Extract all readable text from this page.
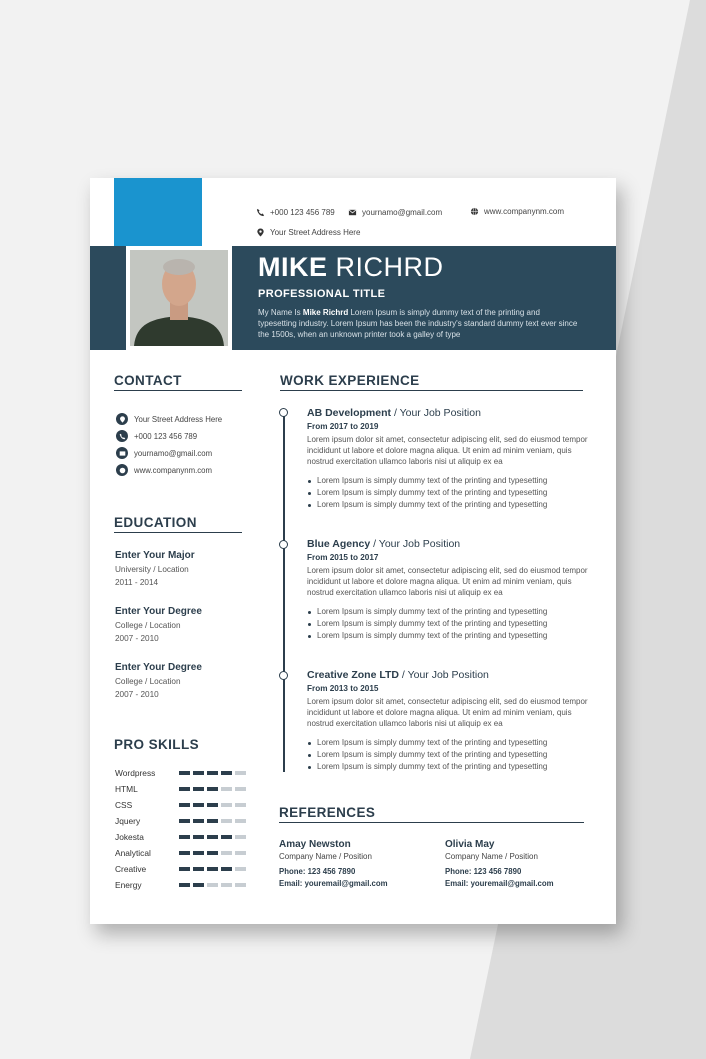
+000 123 456 789	yournamo@gmail.com	www.companynm.com
Your Street Address Here
MIKE RICHRD
PROFESSIONAL TITLE
My Name Is Mike Richrd Lorem Ipsum is simply dummy text of the printing and typesetting industry. Lorem Ipsum has been the industry's standard dummy text ever since the 1500s, when an unknown printer took a galley of type
CONTACT
Your Street Address Here
+000 123 456 789
yournamo@gmail.com
www.companynm.com
EDUCATION
Enter Your Major
University / Location
2011 - 2014
Enter Your Degree
College / Location
2007 - 2010
Enter Your Degree
College / Location
2007 - 2010
PRO SKILLS
Wordpress
HTML
CSS
Jquery
Jokesta
Analytical
Creative
Energy
WORK EXPERIENCE
AB Development / Your Job Position
From 2017 to 2019
Lorem ipsum dolor sit amet, consectetur adipiscing elit, sed do eiusmod tempor incididunt ut labore et dolore magna aliqua. Ut enim ad minim veniam, quis nostrud exercitation ullamco laboris nisi ut aliquip ex ea
Lorem Ipsum is simply dummy text of the printing and typesetting
Lorem Ipsum is simply dummy text of the printing and typesetting
Lorem Ipsum is simply dummy text of the printing and typesetting
Blue Agency / Your Job Position
From 2015 to 2017
Lorem ipsum dolor sit amet, consectetur adipiscing elit, sed do eiusmod tempor incididunt ut labore et dolore magna aliqua. Ut enim ad minim veniam, quis nostrud exercitation ullamco laboris nisi ut aliquip ex ea
Lorem Ipsum is simply dummy text of the printing and typesetting
Lorem Ipsum is simply dummy text of the printing and typesetting
Lorem Ipsum is simply dummy text of the printing and typesetting
Creative Zone LTD / Your Job Position
From 2013 to 2015
Lorem ipsum dolor sit amet, consectetur adipiscing elit, sed do eiusmod tempor incididunt ut labore et dolore magna aliqua. Ut enim ad minim veniam, quis nostrud exercitation ullamco laboris nisi ut aliquip ex ea
Lorem Ipsum is simply dummy text of the printing and typesetting
Lorem Ipsum is simply dummy text of the printing and typesetting
Lorem Ipsum is simply dummy text of the printing and typesetting
REFERENCES
Amay Newston
Company Name / Position
Phone: 123 456 7890
Email: youremail@gmail.com
Olivia May
Company Name / Position
Phone: 123 456 7890
Email: youremail@gmail.com
